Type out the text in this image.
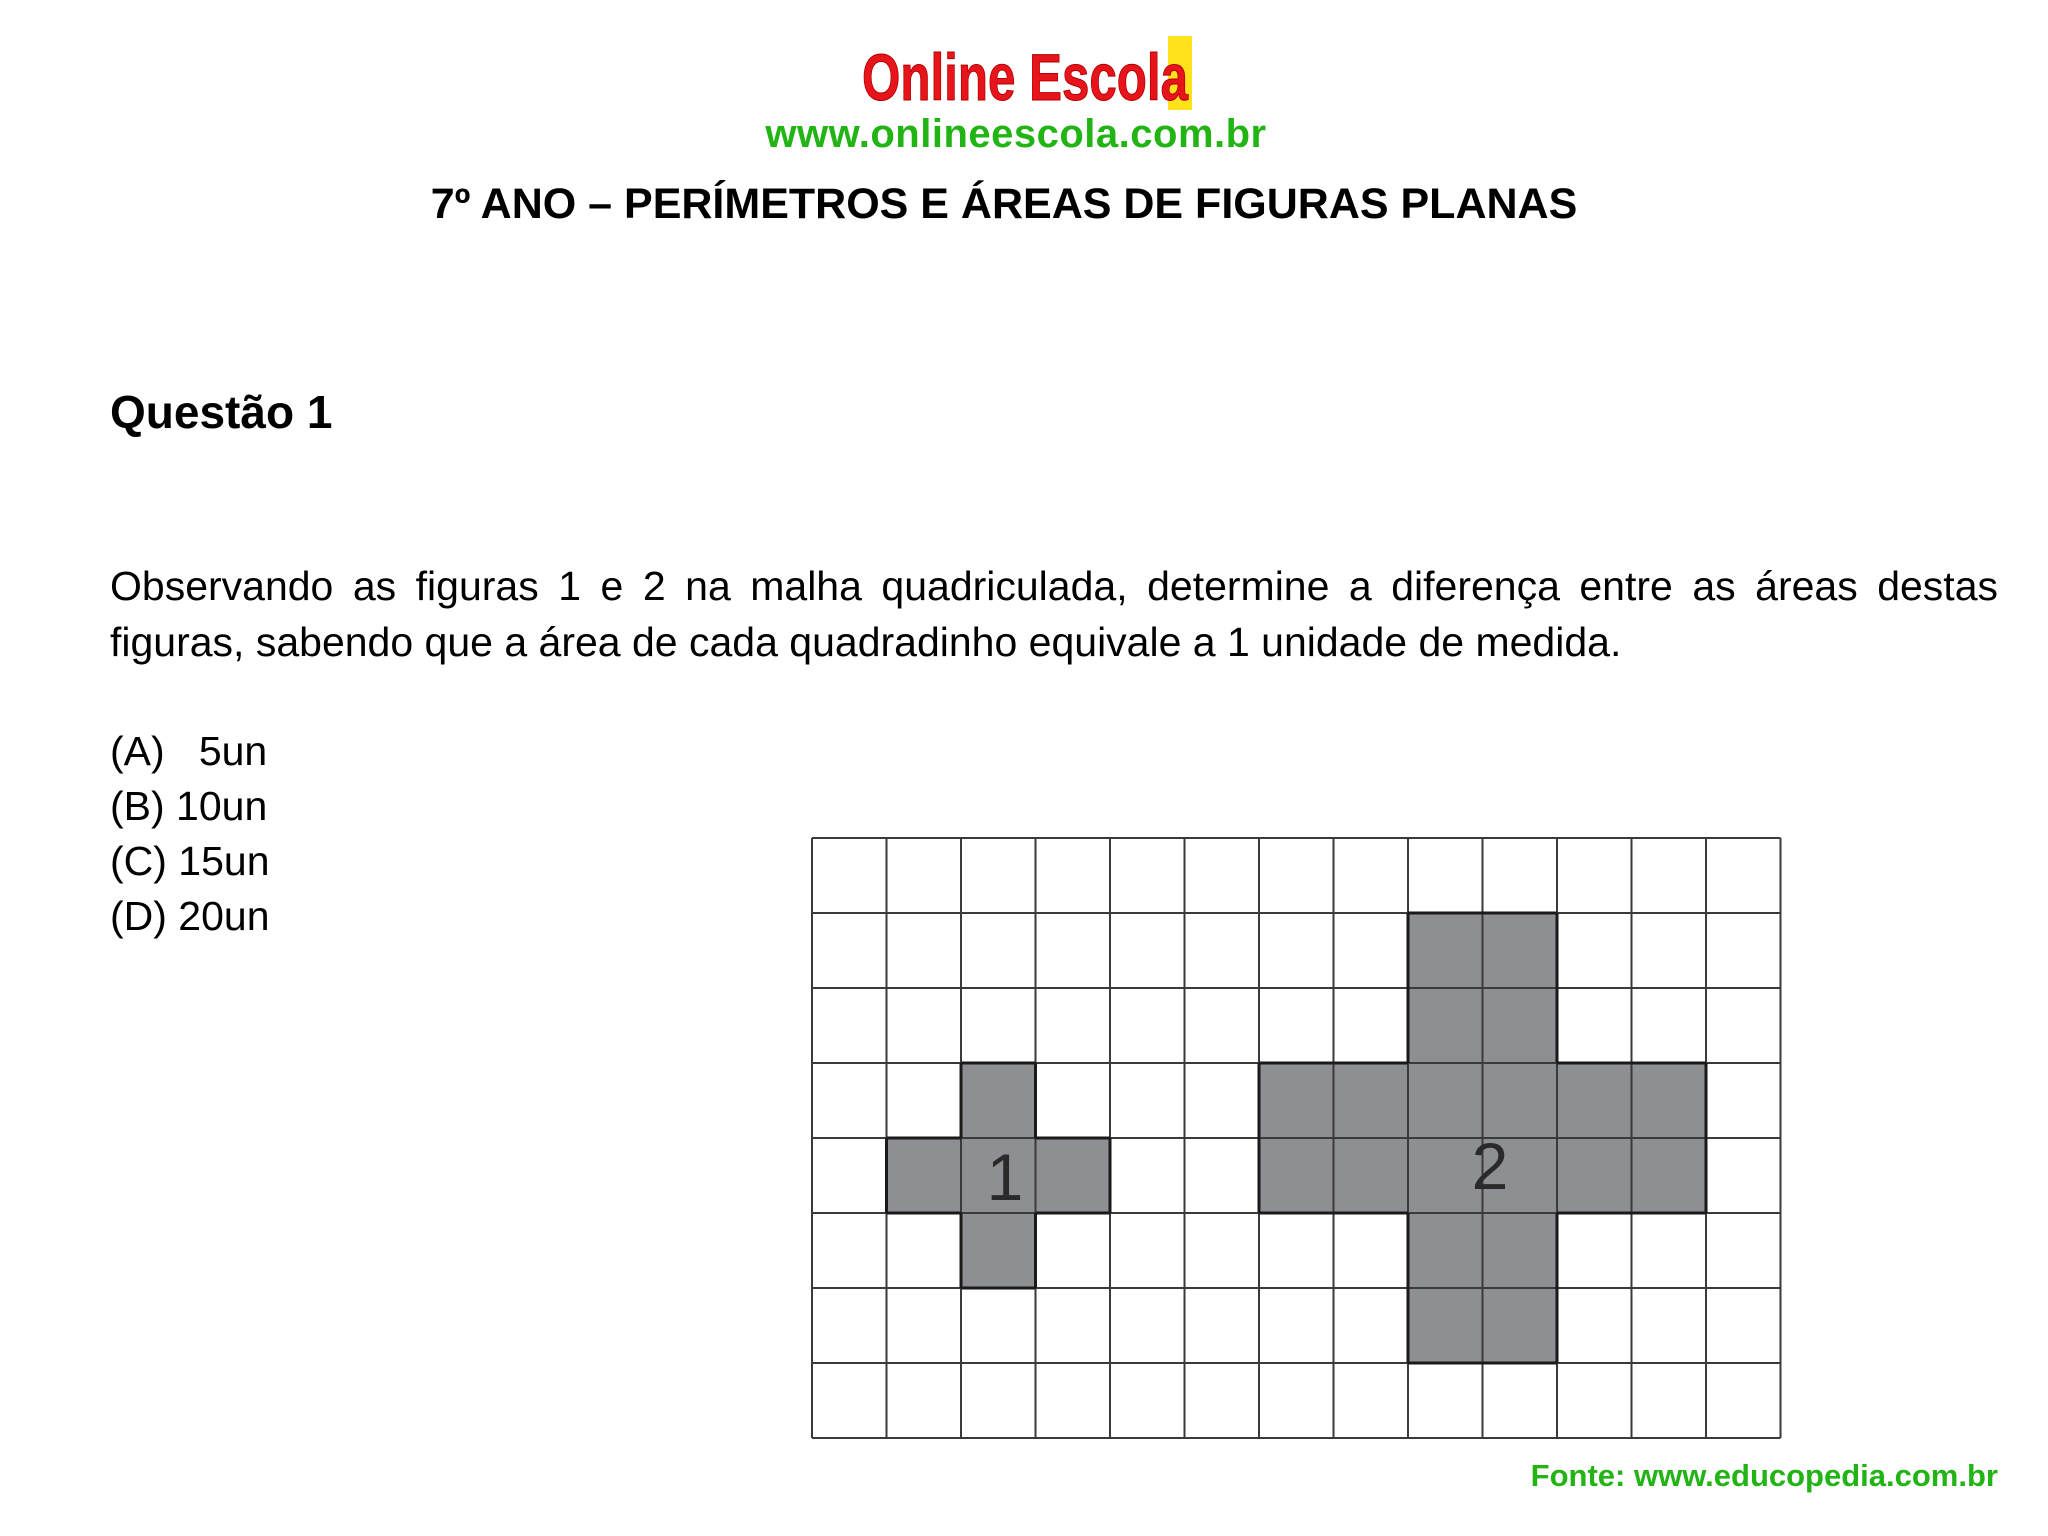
Online Escola
www.onlineescola.com.br
7º ANO – PERÍMETROS E ÁREAS DE FIGURAS PLANAS
Questão 1
Observando as figuras 1 e 2 na malha quadriculada, determine a diferença entre as áreas destas figuras, sabendo que a área de cada quadradinho equivale a 1 unidade de medida.
(A)   5un
(B) 10un
(C) 15un
(D) 20un
1	2
Fonte: www.educopedia.com.br
